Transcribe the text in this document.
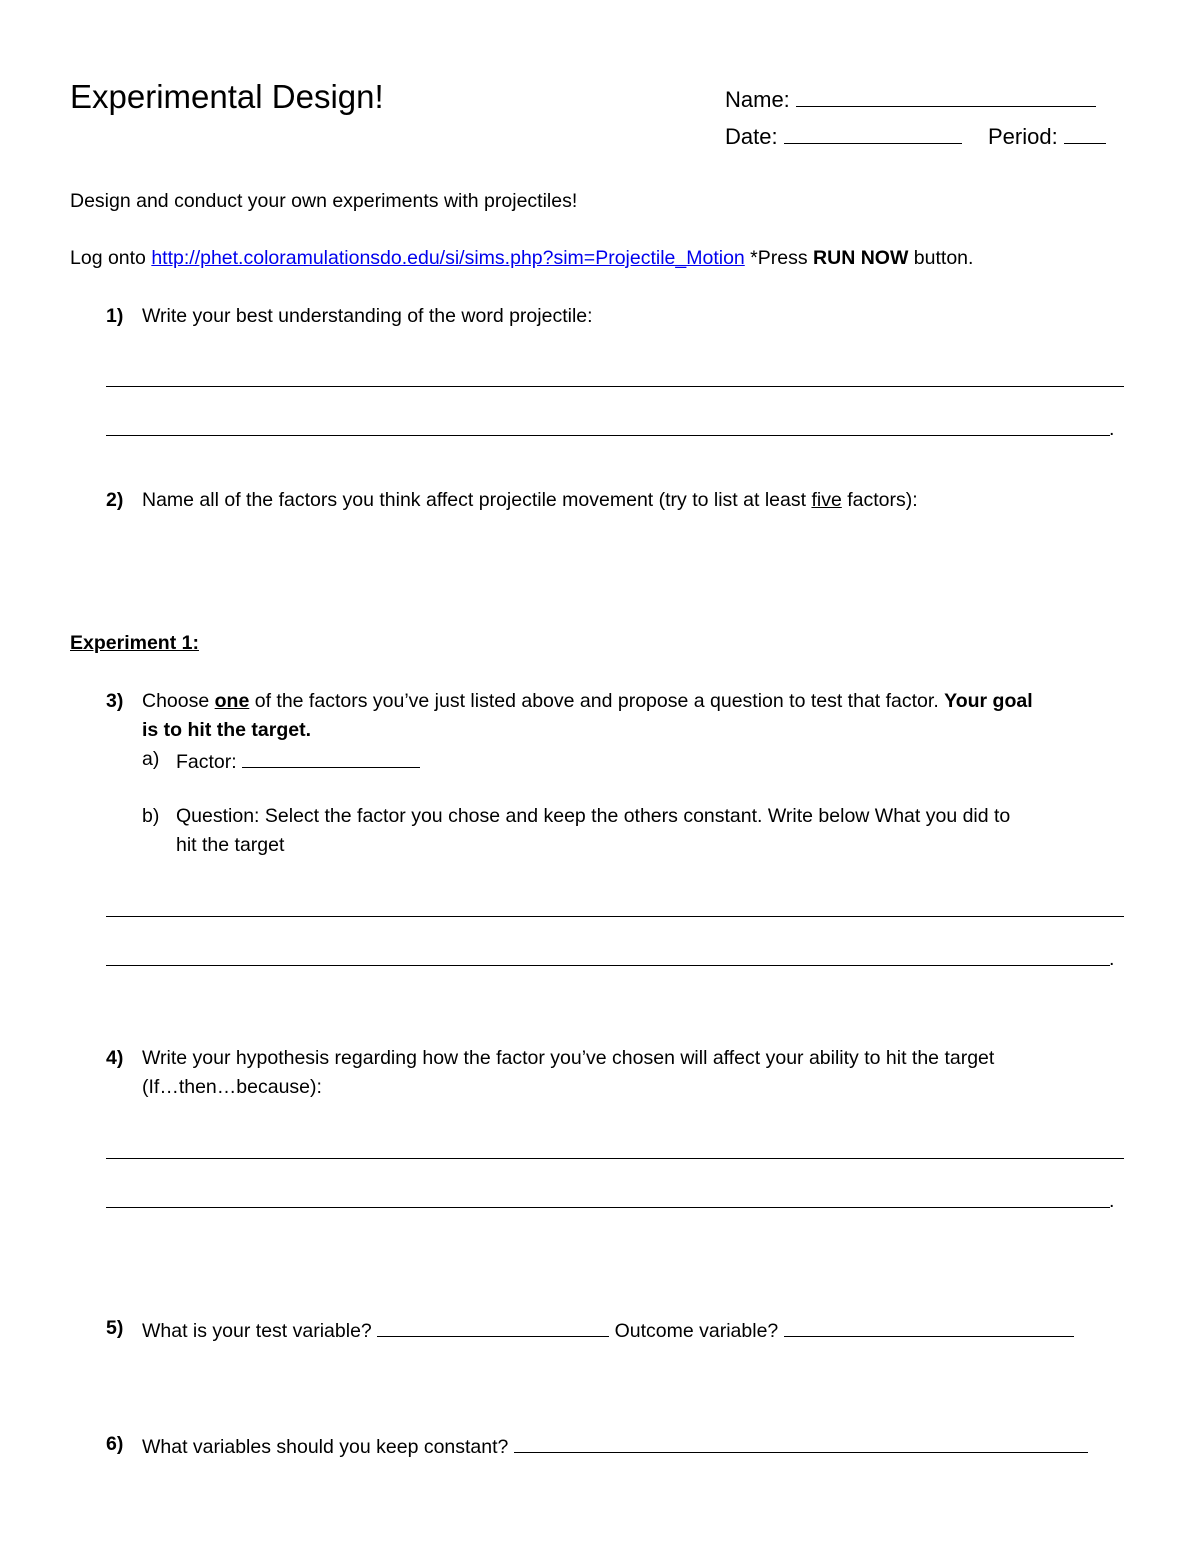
Experimental Design!	Name:
Date:	Period:
Design and conduct your own experiments with projectiles!
Log onto http://phet.coloramulationsdo.edu/si/sims.php?sim=Projectile_Motion *Press RUN NOW button.
1) Write your best understanding of the word projectile:
.
2) Name all of the factors you think affect projectile movement (try to list at least five factors):
Experiment 1:
3) Choose one of the factors you’ve just listed above and propose a question to test that factor. Your goal
is to hit the target.
a) Factor:
b) Question: Select the factor you chose and keep the others constant. Write below What you did to
hit the target
.
4) Write your hypothesis regarding how the factor you’ve chosen will affect your ability to hit the target
(If…then…because):
.
5) What is your test variable?	Outcome variable?
6) What variables should you keep constant?
